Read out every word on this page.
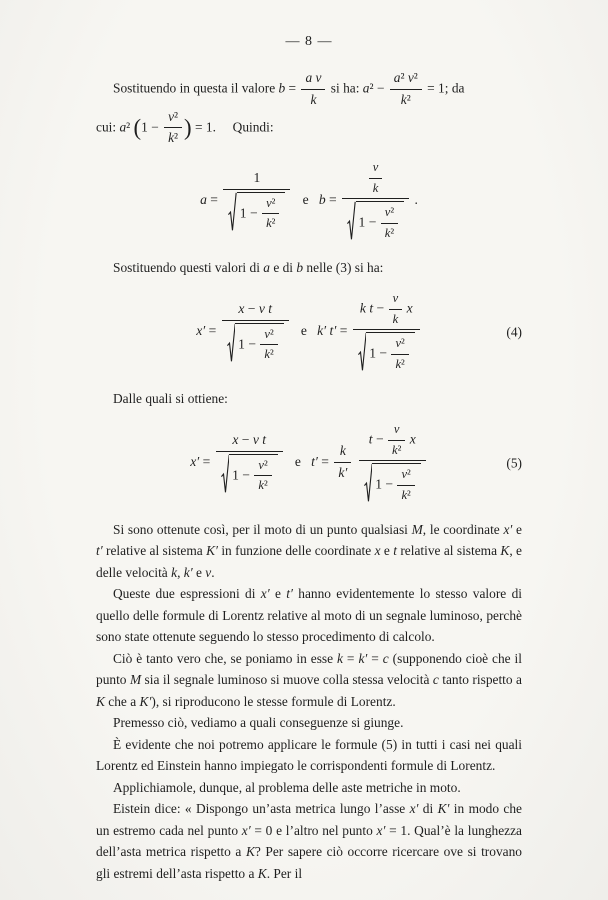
— 8 —
Sostituendo in questa il valore $b = \frac{\text{a v}}{k}$ si ha: $a^2 - \frac{\text{a² v²}}{\text{k²}} = 1$; da
cui: a² ($1 - \frac{\text{v²}}{\text{k²}}$ ) = 1.  Quindi:
$a = \frac{1}{1 - \frac{\text{v²}}{\text{k²}}}$ e   $b = \frac{\frac{v}{k}}{1 - \frac{\text{v²}}{\text{k²}}}$ .

Sostituendo questi valori di a e di b nelle (3) si ha:

$x' = \frac{\text{x − v t}}{1 - \frac{\text{v²}}{\text{k²}}}$ e   k′ $t' = \frac{k t - \frac{v}{k} x}{1 - \frac{\text{v²}}{\text{k²}}}$	(4)

Dalle quali si ottiene:

$x' = \frac{\text{x − v t}}{1 - \frac{\text{v²}}{\text{k²}}}$ e   $t' = \frac{k}{k'}$
$\frac{t - \frac{v}{\text{k²}} x}{1 - \frac{\text{v²}}{\text{k²}}}$	(5)

Si sono ottenute così, per il moto di un punto qualsiasi M, le coordinate x′ e t′ relative al sistema K′ in funzione delle coordinate x e t relative al sistema K, e delle velocità k, k′ e v.

Queste due espressioni di x′ e t′ hanno evidentemente lo stesso valore di quello delle formule di Lorentz relative al moto di un segnale luminoso, perchè sono state ottenute seguendo lo stesso procedimento di calcolo.

Ciò è tanto vero che, se poniamo in esse k = k′ = c (supponendo cioè che il punto M sia il segnale luminoso si muove colla stessa velocità c tanto rispetto a K che a K′), si riproducono le stesse formule di Lorentz.

Premesso ciò, vediamo a quali conseguenze si giunge.

È evidente che noi potremo applicare le formule (5) in tutti i casi nei quali Lorentz ed Einstein hanno impiegato le corrispondenti formule di Lorentz.

Applichiamole, dunque, al problema delle aste metriche in moto.

Eistein dice: « Dispongo un’asta metrica lungo l’asse x′ di K′ in modo che un estremo cada nel punto x′ = 0 e l’altro nel punto x′ = 1. Qual’è la lunghezza dell’asta metrica rispetto a K? Per sapere ciò occorre ricercare ove si trovano gli estremi dell’asta rispetto a K. Per il
